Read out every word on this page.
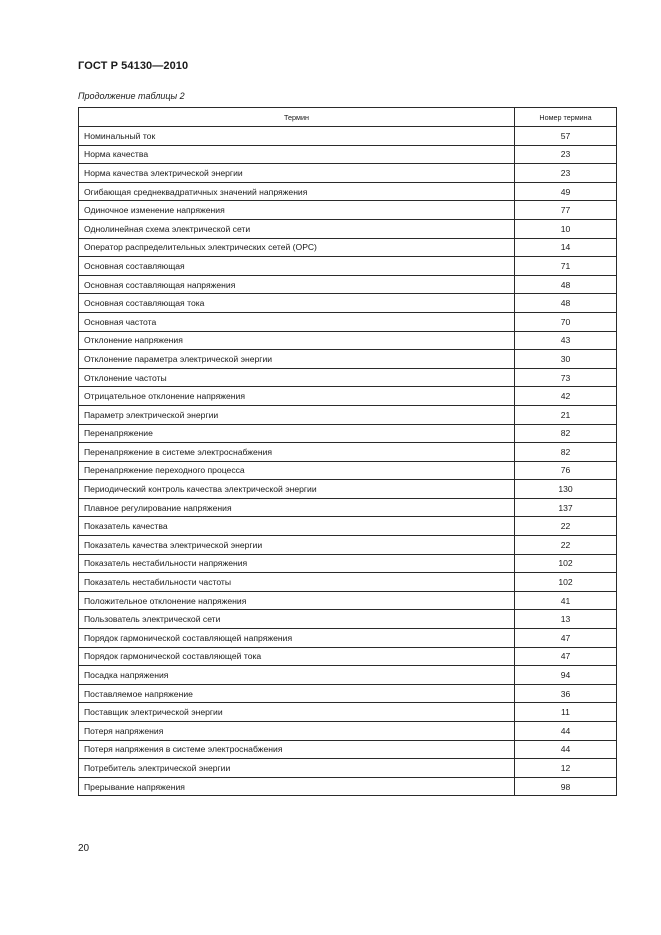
ГОСТ Р 54130—2010
Продолжение таблицы 2
Термин	Номер термина
Номинальный ток	57
Норма качества	23
Норма качества электрической энергии	23
Огибающая среднеквадратичных значений напряжения	49
Одиночное изменение напряжения	77
Однолинейная схема электрической сети	10
Оператор распределительных электрических сетей (ОРС)	14
Основная составляющая	71
Основная составляющая напряжения	48
Основная составляющая тока	48
Основная частота	70
Отклонение напряжения	43
Отклонение параметра электрической энергии	30
Отклонение частоты	73
Отрицательное отклонение напряжения	42
Параметр электрической энергии	21
Перенапряжение	82
Перенапряжение в системе электроснабжения	82
Перенапряжение переходного процесса	76
Периодический контроль качества электрической энергии	130
Плавное регулирование напряжения	137
Показатель качества	22
Показатель качества электрической энергии	22
Показатель нестабильности напряжения	102
Показатель нестабильности частоты	102
Положительное отклонение напряжения	41
Пользователь электрической сети	13
Порядок гармонической составляющей напряжения	47
Порядок гармонической составляющей тока	47
Посадка напряжения	94
Поставляемое напряжение	36
Поставщик электрической энергии	11
Потеря напряжения	44
Потеря напряжения в системе электроснабжения	44
Потребитель электрической энергии	12
Прерывание напряжения	98
20
